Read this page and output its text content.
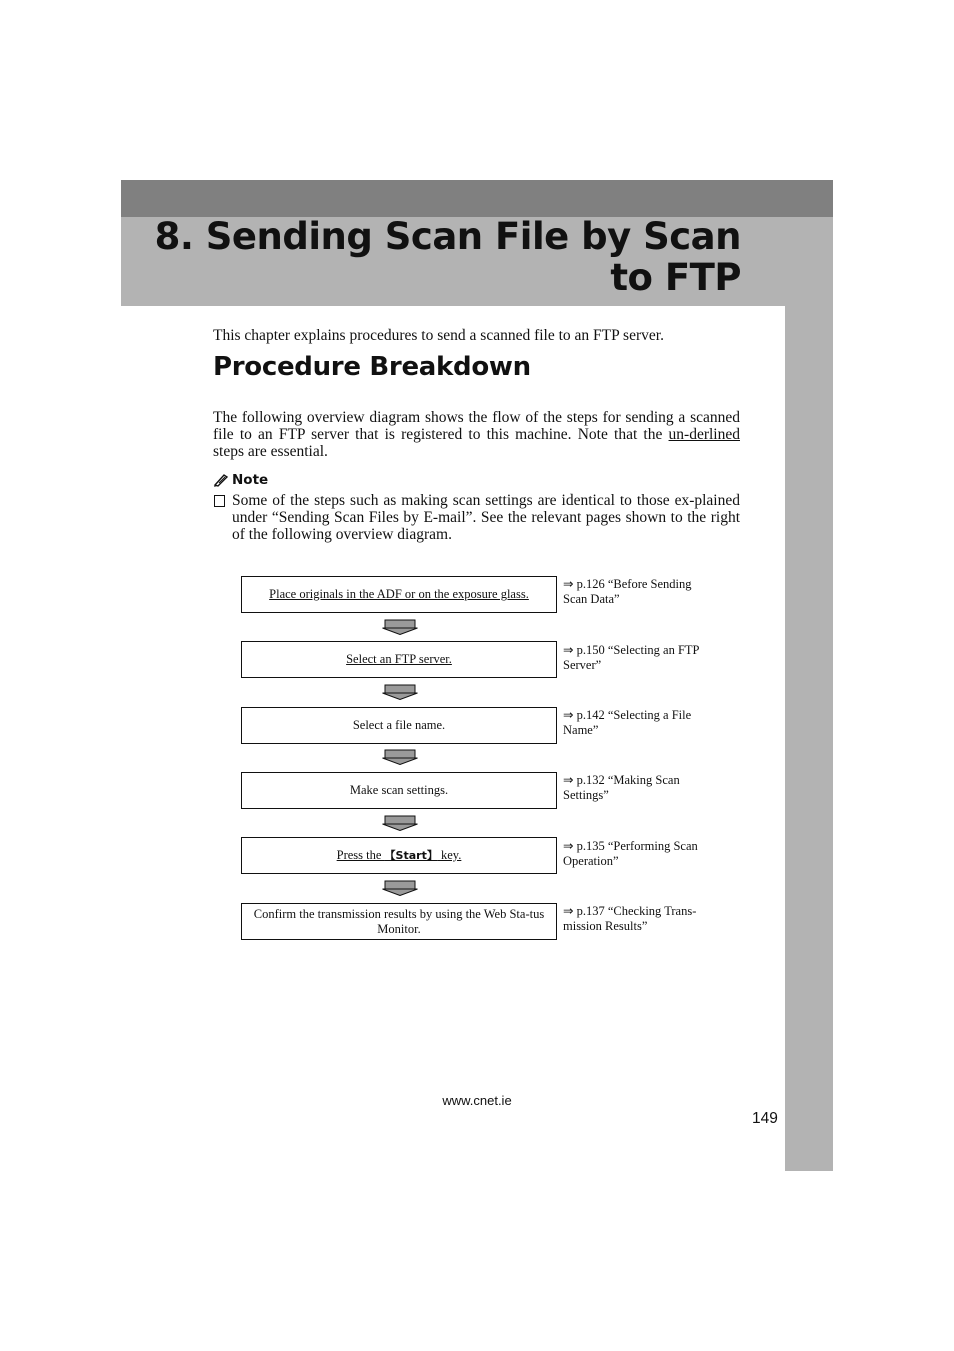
8. Sending Scan File by Scan
to FTP

This chapter explains procedures to send a scanned file to an FTP server.

Procedure Breakdown

The following overview diagram shows the flow of the steps for sending a scanned file to an FTP server that is registered to this machine. Note that the un-derlined steps are essential.

Note
Some of the steps such as making scan settings are identical to those ex-plained under “Sending Scan Files by E-mail”. See the relevant pages shown to the right of the following overview diagram.
Place originals in the ADF or on the exposure glass.
⇒ p.126 “Before Sending Scan Data”
Select an FTP server.
⇒ p.150 “Selecting an FTP Server”
Select a file name.
⇒ p.142 “Selecting a File Name”
Make scan settings.
⇒ p.132 “Making Scan Settings”
Press the 【Start】 key.
⇒ p.135 “Performing Scan Operation”
Confirm the transmission results by using the Web Sta-tus Monitor.
⇒ p.137 “Checking Trans-mission Results”
www.cnet.ie
149
